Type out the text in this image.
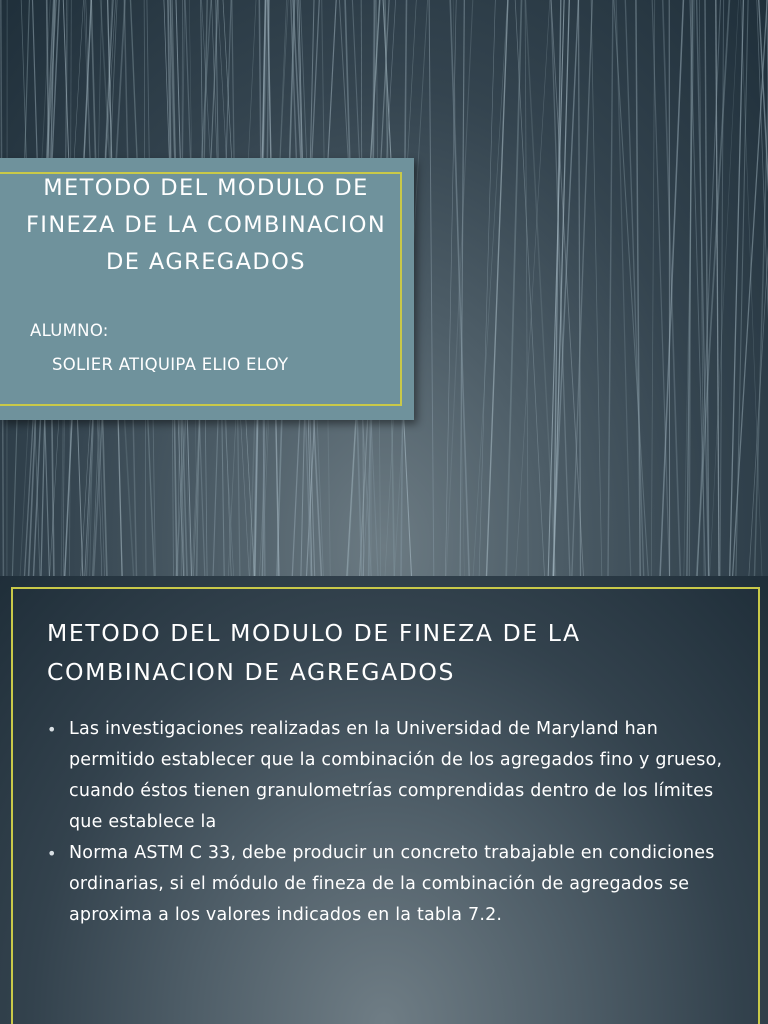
METODO DEL MODULO DE FINEZA DE LA COMBINACION DE AGREGADOS
ALUMNO:
SOLIER ATIQUIPA ELIO ELOY
METODO DEL MODULO DE FINEZA DE LA COMBINACION DE AGREGADOS
• Las investigaciones realizadas en la Universidad de Maryland han permitido establecer que la combinación de los agregados fino y grueso, cuando éstos tienen granulometrías comprendidas dentro de los límites que establece la
• Norma ASTM C 33, debe producir un concreto trabajable en condiciones ordinarias, si el módulo de fineza de la combinación de agregados se aproxima a los valores indicados en la tabla 7.2.
